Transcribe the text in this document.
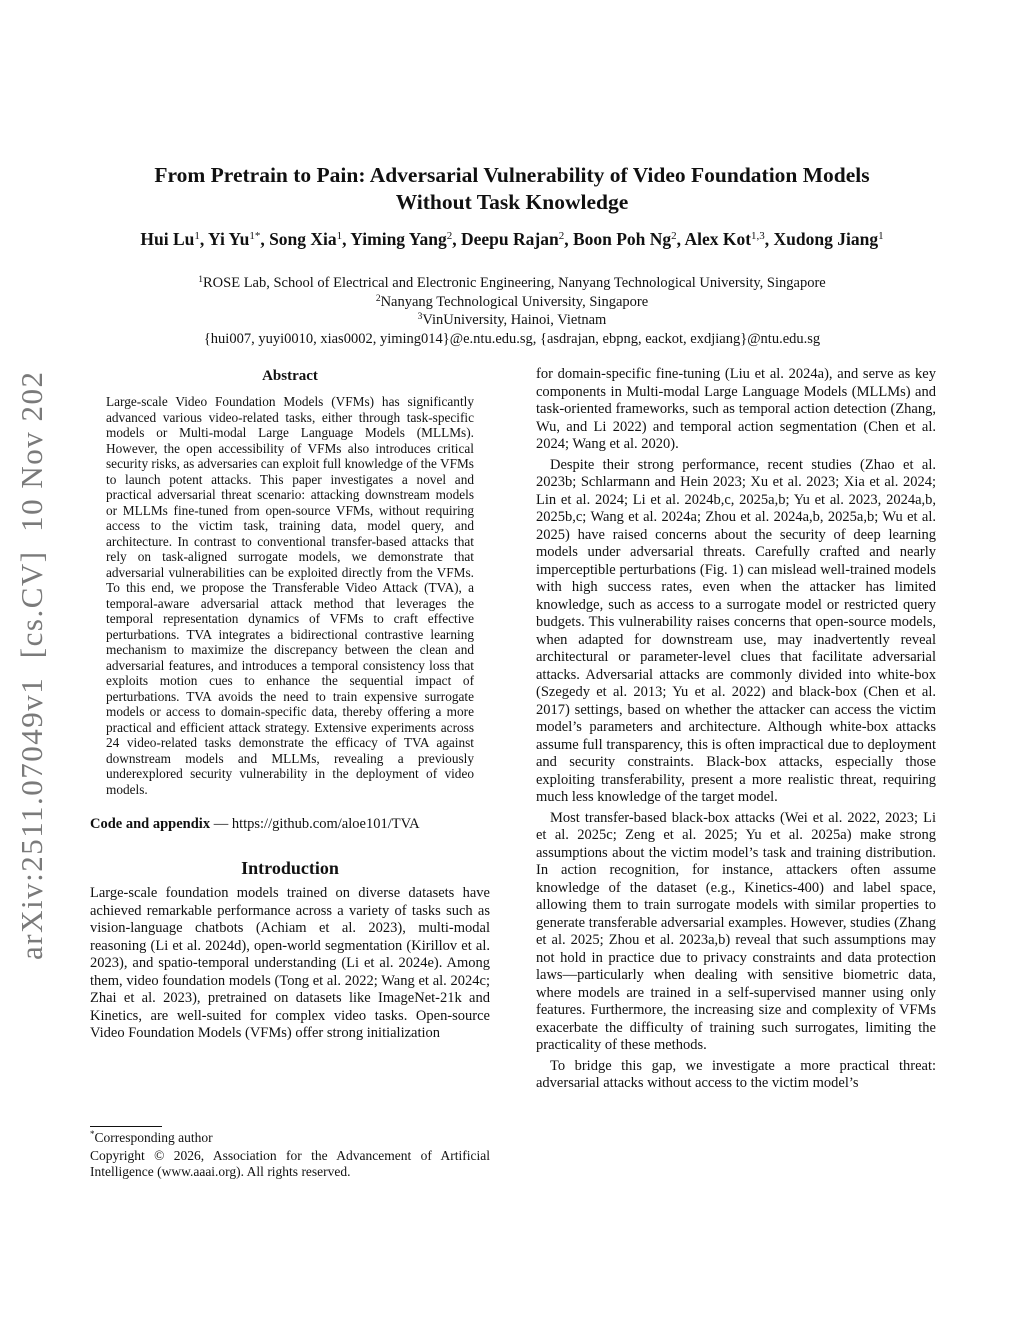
arXiv:2511.07049v1  [cs.CV]  10 Nov 2025
From Pretrain to Pain: Adversarial Vulnerability of Video Foundation Models
Without Task Knowledge
Hui Lu$^1$, Yi $Yu^{1*}$, Song Xia$^1$, Yiming Yang$^2$, Deepu Rajan$^2$, Boon Poh Ng$^2$, Alex Kot$^{1,3}$, Xudong Jiang$^1$
$^1$ROSE Lab, School of Electrical and Electronic Engineering, Nanyang Technological University, Singapore
$^2$Nanyang Technological University, Singapore
$^3$VinUniversity, Hainoi, Vietnam
{hui007, yuyi0010, xias0002, yiming014}@e.ntu.edu.sg, {asdrajan, ebpng, eackot, exdjiang}@ntu.edu.sg
Abstract

Large-scale Video Foundation Models (VFMs) has significantly advanced various video-related tasks, either through task-specific models or Multi-modal Large Language Models (MLLMs). However, the open accessibility of VFMs also introduces critical security risks, as adversaries can exploit full knowledge of the VFMs to launch potent attacks. This paper investigates a novel and practical adversarial threat scenario: attacking downstream models or MLLMs fine-tuned from open-source VFMs, without requiring access to the victim task, training data, model query, and architecture. In contrast to conventional transfer-based attacks that rely on task-aligned surrogate models, we demonstrate that adversarial vulnerabilities can be exploited directly from the VFMs. To this end, we propose the Transferable Video Attack (TVA), a temporal-aware adversarial attack method that leverages the temporal representation dynamics of VFMs to craft effective perturbations. TVA integrates a bidirectional contrastive learning mechanism to maximize the discrepancy between the clean and adversarial features, and introduces a temporal consistency loss that exploits motion cues to enhance the sequential impact of perturbations. TVA avoids the need to train expensive surrogate models or access to domain-specific data, thereby offering a more practical and efficient attack strategy. Extensive experiments across 24 video-related tasks demonstrate the efficacy of TVA against downstream models and MLLMs, revealing a previously underexplored security vulnerability in the deployment of video models.

Code and appendix — https://github.com/aloe101/TVA
Introduction

Large-scale foundation models trained on diverse datasets have achieved remarkable performance across a variety of tasks such as vision-language chatbots (Achiam et al. 2023), multi-modal reasoning (Li et al. 2024d), open-world segmentation (Kirillov et al. 2023), and spatio-temporal understanding (Li et al. 2024e). Among them, video foundation models (Tong et al. 2022; Wang et al. 2024c; Zhai et al. 2023), pretrained on datasets like ImageNet-21k and Kinetics, are well-suited for complex video tasks. Open-source Video Foundation Models (VFMs) offer strong initialization

*Corresponding author
Copyright © 2026, Association for the Advancement of Artificial Intelligence (www.aaai.org). All rights reserved.

for domain-specific fine-tuning (Liu et al. 2024a), and serve as key components in Multi-modal Large Language Models (MLLMs) and task-oriented frameworks, such as temporal action detection (Zhang, Wu, and Li 2022) and temporal action segmentation (Chen et al. 2024; Wang et al. 2020).

Despite their strong performance, recent studies (Zhao et al. 2023b; Schlarmann and Hein 2023; Xu et al. 2023; Xia et al. 2024; Lin et al. 2024; Li et al. 2024b,c, 2025a,b; Yu et al. 2023, 2024a,b, 2025b,c; Wang et al. 2024a; Zhou et al. 2024a,b, 2025a,b; Wu et al. 2025) have raised concerns about the security of deep learning models under adversarial threats. Carefully crafted and nearly imperceptible perturbations (Fig. 1) can mislead well-trained models with high success rates, even when the attacker has limited knowledge, such as access to a surrogate model or restricted query budgets. This vulnerability raises concerns that open-source models, when adapted for downstream use, may inadvertently reveal architectural or parameter-level clues that facilitate adversarial attacks. Adversarial attacks are commonly divided into white-box (Szegedy et al. 2013; Yu et al. 2022) and black-box (Chen et al. 2017) settings, based on whether the attacker can access the victim model’s parameters and architecture. Although white-box attacks assume full transparency, this is often impractical due to deployment and security constraints. Black-box attacks, especially those exploiting transferability, present a more realistic threat, requiring much less knowledge of the target model.

Most transfer-based black-box attacks (Wei et al. 2022, 2023; Li et al. 2025c; Zeng et al. 2025; Yu et al. 2025a) make strong assumptions about the victim model’s task and training distribution. In action recognition, for instance, attackers often assume knowledge of the dataset (e.g., Kinetics-400) and label space, allowing them to train surrogate models with similar properties to generate transferable adversarial examples. However, studies (Zhang et al. 2025; Zhou et al. 2023a,b) reveal that such assumptions may not hold in practice due to privacy constraints and data protection laws—particularly when dealing with sensitive biometric data, where models are trained in a self-supervised manner using only features. Furthermore, the increasing size and complexity of VFMs exacerbate the difficulty of training such surrogates, limiting the practicality of these methods.

To bridge this gap, we investigate a more practical threat: adversarial attacks without access to the victim model’s
